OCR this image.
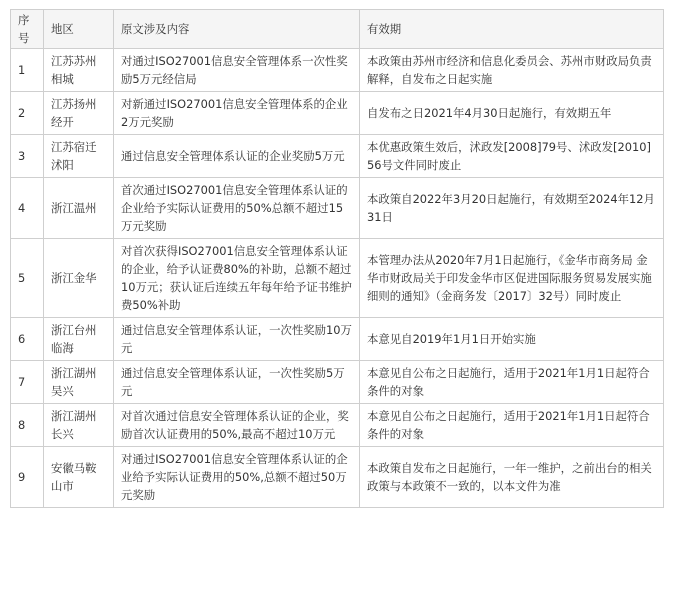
序号	地区	原文涉及内容	有效期
1	江苏苏州相城	对通过ISO27001信息安全管理体系一次性奖励5万元经信局	本政策由苏州市经济和信息化委员会、苏州市财政局负责解释，自发布之日起实施
2	江苏扬州经开	对新通过ISO27001信息安全管理体系的企业2万元奖励	自发布之日2021年4月30日起施行，有效期五年
3	江苏宿迁沭阳	通过信息安全管理体系认证的企业奖励5万元	本优惠政策生效后，沭政发[2008]79号、沭政发[2010]56号文件同时废止
4	浙江温州	首次通过ISO27001信息安全管理体系认证的企业给予实际认证费用的50%总额不超过15万元奖励	本政策自2022年3月20日起施行，有效期至2024年12月31日
5	浙江金华	对首次获得ISO27001信息安全管理体系认证的企业，给予认证费80%的补助，总额不超过10万元；获认证后连续五年每年给予证书维护费50%补助	本管理办法从2020年7月1日起施行，《金华市商务局 金华市财政局关于印发金华市区促进国际服务贸易发展实施细则的通知》（金商务发〔2017〕32号）同时废止
6	浙江台州临海	通过信息安全管理体系认证，一次性奖励10万元	本意见自2019年1月1日开始实施
7	浙江湖州吴兴	通过信息安全管理体系认证，一次性奖励5万元	本意见自公布之日起施行，适用于2021年1月1日起符合条件的对象
8	浙江湖州长兴	对首次通过信息安全管理体系认证的企业，奖励首次认证费用的50%,最高不超过10万元	本意见自公布之日起施行，适用于2021年1月1日起符合条件的对象
9	安徽马鞍山市	对通过ISO27001信息安全管理体系认证的企业给予实际认证费用的50%,总额不超过50万元奖励	本政策自发布之日起施行，一年一维护，之前出台的相关政策与本政策不一致的，以本文件为准
